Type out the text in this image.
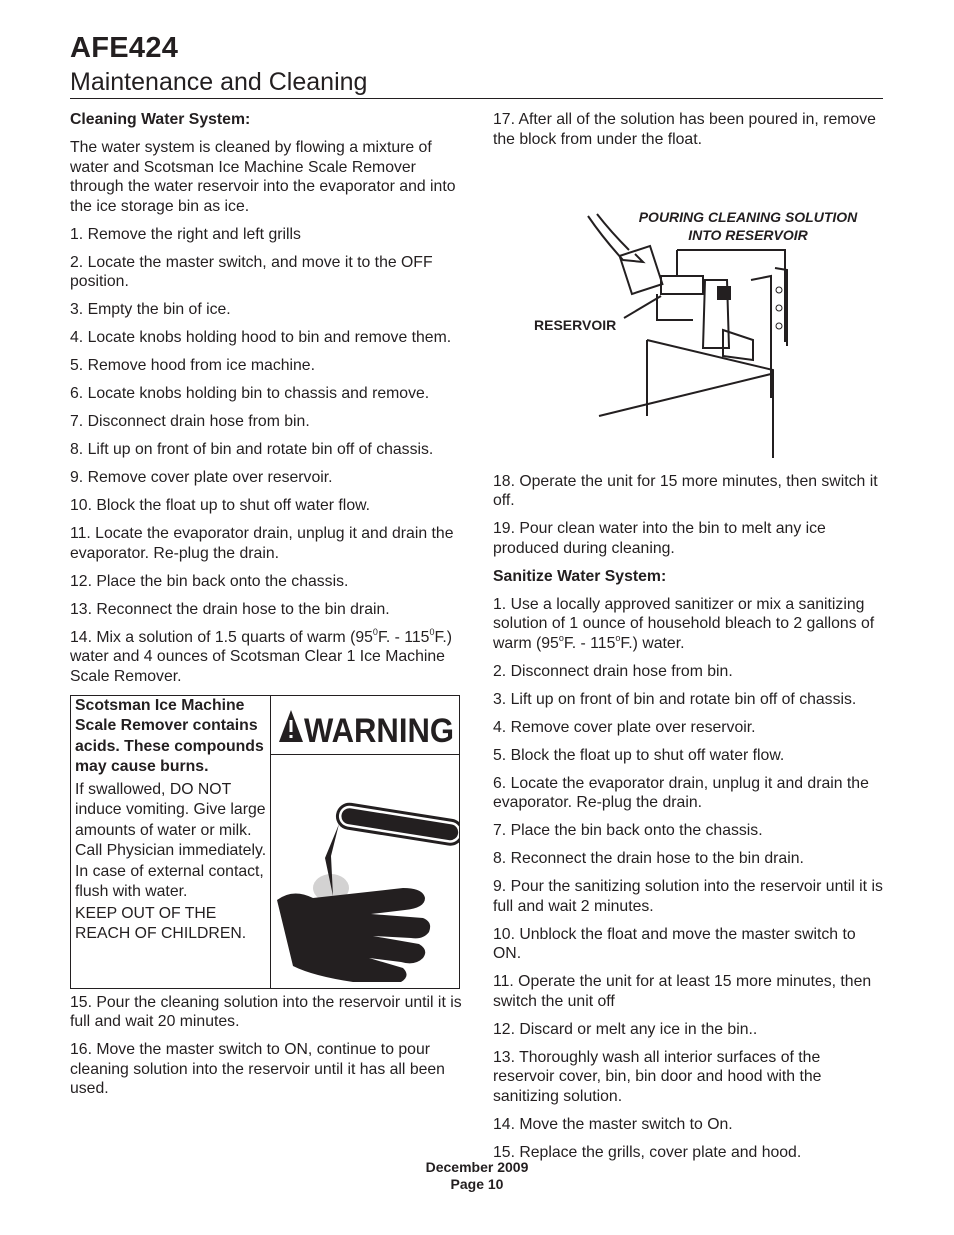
AFE424
Maintenance and Cleaning

Cleaning Water System:

The water system is cleaned by flowing a mixture of water and Scotsman Ice Machine Scale Remover through the water reservoir into the evaporator and into the ice storage bin as ice.

1. Remove the right and left grills

2. Locate the master switch, and move it to the OFF position.

3. Empty the bin of ice.

4. Locate knobs holding hood to bin and remove them.

5. Remove hood from ice machine.

6. Locate knobs holding bin to chassis and remove.

7. Disconnect drain hose from bin.

8. Lift up on front of bin and rotate bin off of chassis.

9. Remove cover plate over reservoir.

10. Block the float up to shut off water flow.

11. Locate the evaporator drain, unplug it and drain the evaporator. Re-plug the drain.

12. Place the bin back onto the chassis.

13. Reconnect the drain hose to the bin drain.

14. Mix a solution of 1.5 quarts of warm ($95^0F$. - $115^0F$.) water and 4 ounces of Scotsman Clear 1 Ice Machine Scale Remover.

Scotsman Ice Machine Scale Remover contains acids. These compounds may cause burns.
If swallowed, DO NOT induce vomiting. Give large amounts of water or milk. Call Physician immediately. In case of external contact, flush with water.
KEEP OUT OF THE REACH OF CHILDREN.
WARNING

15. Pour the cleaning solution into the reservoir until it is full and wait 20 minutes.

16. Move the master switch to ON, continue to pour cleaning solution into the reservoir until it has all been used.

17. After all of the solution has been poured in, remove the block from under the float.

POURING CLEANING SOLUTION
INTO RESERVOIR
RESERVOIR

18. Operate the unit for 15 more minutes, then switch it off.

19. Pour clean water into the bin to melt any ice produced during cleaning.

Sanitize Water System:

1. Use a locally approved sanitizer or mix a sanitizing solution of 1 ounce of household bleach to 2 gallons of warm (95$^o$F. - 115$^o$F.) water.

2. Disconnect drain hose from bin.

3. Lift up on front of bin and rotate bin off of chassis.

4. Remove cover plate over reservoir.

5. Block the float up to shut off water flow.

6. Locate the evaporator drain, unplug it and drain the evaporator. Re-plug the drain.

7. Place the bin back onto the chassis.

8. Reconnect the drain hose to the bin drain.

9. Pour the sanitizing solution into the reservoir until it is full and wait 2 minutes.

10. Unblock the float and move the master switch to ON.

11. Operate the unit for at least 15 more minutes, then switch the unit off

12. Discard or melt any ice in the bin..

13. Thoroughly wash all interior surfaces of the reservoir cover, bin, bin door and hood with the sanitizing solution.

14. Move the master switch to On.

15. Replace the grills, cover plate and hood.

December 2009
Page 10
